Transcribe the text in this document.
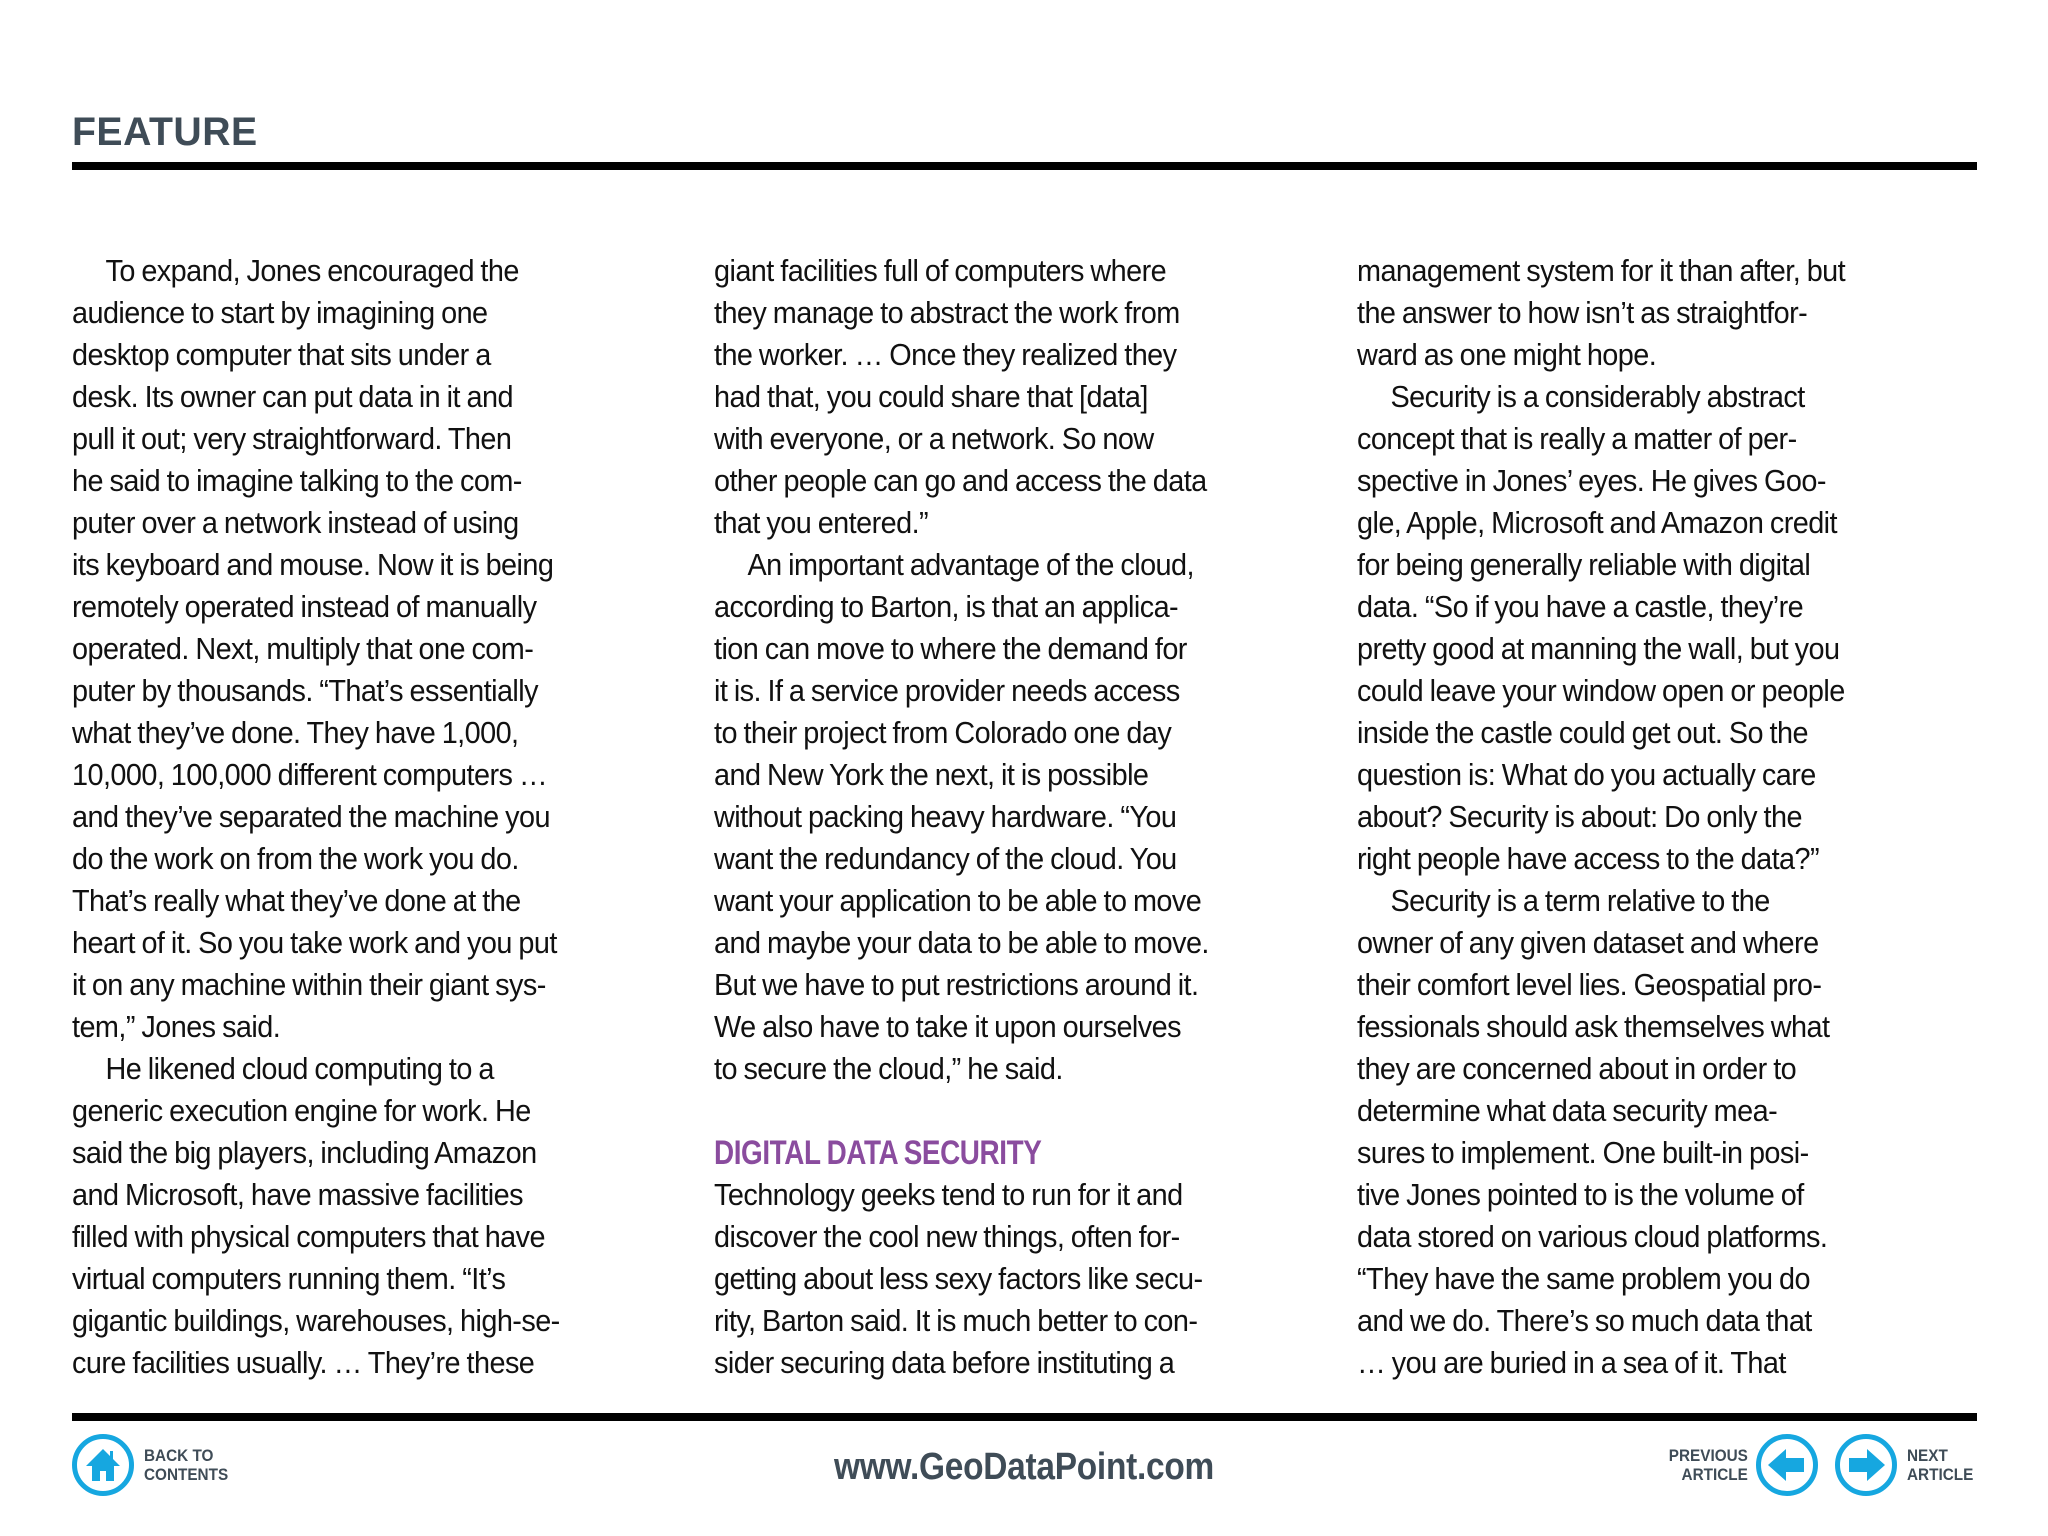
FEATURE
To expand, Jones encouraged the
audience to start by imagining one
desktop computer that sits under a
desk. Its owner can put data in it and
pull it out; very straightforward. Then
he said to imagine talking to the com-
puter over a network instead of using
its keyboard and mouse. Now it is being
remotely operated instead of manually
operated. Next, multiply that one com-
puter by thousands. “That’s essentially
what they’ve done. They have 1,000,
10,000, 100,000 different computers …
and they’ve separated the machine you
do the work on from the work you do.
That’s really what they’ve done at the
heart of it. So you take work and you put
it on any machine within their giant sys-
tem,” Jones said.
He likened cloud computing to a
generic execution engine for work. He
said the big players, including Amazon
and Microsoft, have massive facilities
filled with physical computers that have
virtual computers running them. “It’s
gigantic buildings, warehouses, high-se-
cure facilities usually. … They’re these
giant facilities full of computers where
they manage to abstract the work from
the worker. … Once they realized they
had that, you could share that [data]
with everyone, or a network. So now
other people can go and access the data
that you entered.”
An important advantage of the cloud,
according to Barton, is that an applica-
tion can move to where the demand for
it is. If a service provider needs access
to their project from Colorado one day
and New York the next, it is possible
without packing heavy hardware. “You
want the redundancy of the cloud. You
want your application to be able to move
and maybe your data to be able to move.
But we have to put restrictions around it.
We also have to take it upon ourselves
to secure the cloud,” he said.
DIGITAL DATA SECURITY
Technology geeks tend to run for it and
discover the cool new things, often for-
getting about less sexy factors like secu-
rity, Barton said. It is much better to con-
sider securing data before instituting a
management system for it than after, but
the answer to how isn’t as straightfor-
ward as one might hope.
Security is a considerably abstract
concept that is really a matter of per-
spective in Jones’ eyes. He gives Goo-
gle, Apple, Microsoft and Amazon credit
for being generally reliable with digital
data. “So if you have a castle, they’re
pretty good at manning the wall, but you
could leave your window open or people
inside the castle could get out. So the
question is: What do you actually care
about? Security is about: Do only the
right people have access to the data?”
Security is a term relative to the
owner of any given dataset and where
their comfort level lies. Geospatial pro-
fessionals should ask themselves what
they are concerned about in order to
determine what data security mea-
sures to implement. One built-in posi-
tive Jones pointed to is the volume of
data stored on various cloud platforms.
“They have the same problem you do
and we do. There’s so much data that
… you are buried in a sea of it. That
BACK TO
CONTENTS	www.GeoDataPoint.com	PREVIOUS
ARTICLE
NEXT
ARTICLE
